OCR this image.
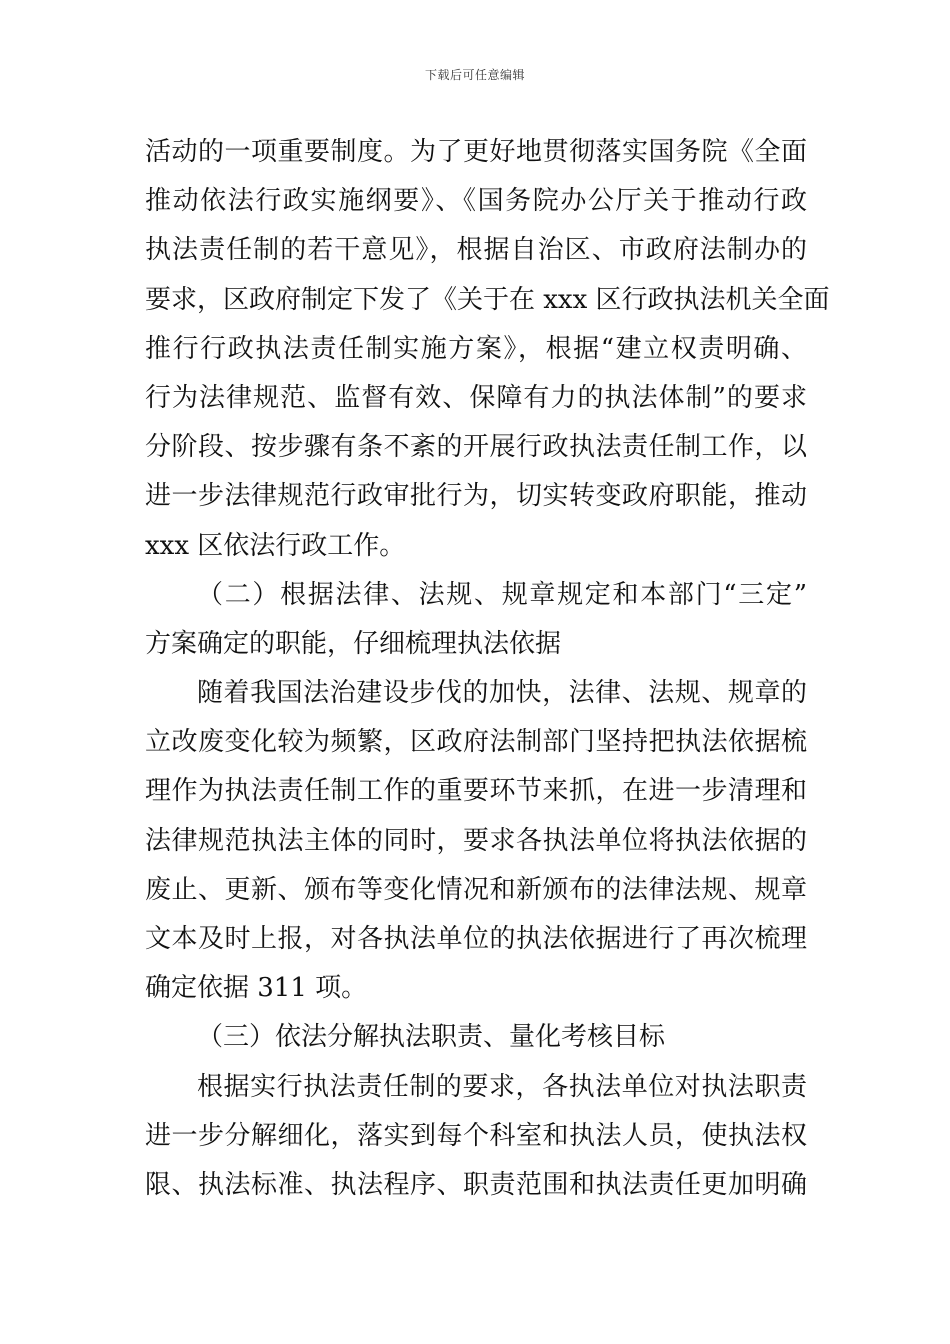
下载后可任意编辑
活动的一项重要制度。为了更好地贯彻落实国务院《全面
推动依法行政实施纲要》、《国务院办公厅关于推动行政
执法责任制的若干意见》，根据自治区、市政府法制办的
要求，区政府制定下发了《关于在 xxx 区行政执法机关全面
推行行政执法责任制实施方案》，根据“建立权责明确、
行为法律规范、监督有效、保障有力的执法体制”的要求
分阶段、按步骤有条不紊的开展行政执法责任制工作，以
进一步法律规范行政审批行为，切实转变政府职能，推动
xxx 区依法行政工作。
（二）根据法律、法规、规章规定和本部门“三定”
方案确定的职能，仔细梳理执法依据
随着我国法治建设步伐的加快，法律、法规、规章的
立改废变化较为频繁，区政府法制部门坚持把执法依据梳
理作为执法责任制工作的重要环节来抓，在进一步清理和
法律规范执法主体的同时，要求各执法单位将执法依据的
废止、更新、颁布等变化情况和新颁布的法律法规、规章
文本及时上报，对各执法单位的执法依据进行了再次梳理
确定依据 311 项。
（三）依法分解执法职责、量化考核目标
根据实行执法责任制的要求，各执法单位对执法职责
进一步分解细化，落实到每个科室和执法人员，使执法权
限、执法标准、执法程序、职责范围和执法责任更加明确
